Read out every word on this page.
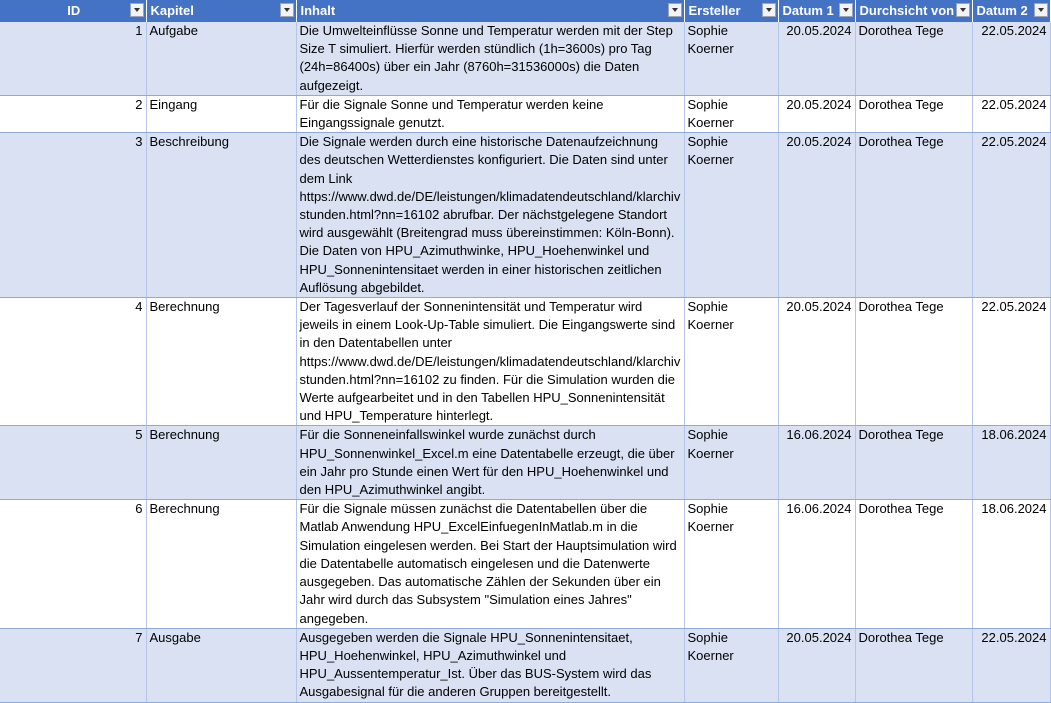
ID	Kapitel	Inhalt	Ersteller	Datum 1	Durchsicht von	Datum 2

1	Aufgabe	Die Umwelteinflüsse Sonne und Temperatur werden mit der Step Size T simuliert. Hierfür werden stündlich (1h=3600s) pro Tag (24h=86400s) über ein Jahr (8760h=31536000s) die Daten aufgezeigt.	Sophie Koerner	20.05.2024	Dorothea Tege	22.05.2024
2	Eingang	Für die Signale Sonne und Temperatur werden keine Eingangssignale genutzt.	Sophie Koerner	20.05.2024	Dorothea Tege	22.05.2024
3	Beschreibung	Die Signale werden durch eine historische Datenaufzeichnung des deutschen Wetterdienstes konfiguriert. Die Daten sind unter dem Link https://www.dwd.de/DE/leistungen/klimadatendeutschland/klarchivstunden.html?nn=16102 abrufbar. Der nächstgelegene Standort wird ausgewählt (Breitengrad muss übereinstimmen: Köln-Bonn). Die Daten von HPU_Azimuthwinke, HPU_Hoehenwinkel und HPU_Sonnenintensitaet werden in einer historischen zeitlichen Auflösung abgebildet.	Sophie Koerner	20.05.2024	Dorothea Tege	22.05.2024
4	Berechnung	Der Tagesverlauf der Sonnenintensität und Temperatur wird jeweils in einem Look-Up-Table simuliert. Die Eingangswerte sind in den Datentabellen unter https://www.dwd.de/DE/leistungen/klimadatendeutschland/klarchivstunden.html?nn=16102 zu finden. Für die Simulation wurden die Werte aufgearbeitet und in den Tabellen HPU_Sonnenintensität und HPU_Temperature hinterlegt.	Sophie Koerner	20.05.2024	Dorothea Tege	22.05.2024
5	Berechnung	Für die Sonneneinfallswinkel wurde zunächst durch HPU_Sonnenwinkel_Excel.m eine Datentabelle erzeugt, die über ein Jahr pro Stunde einen Wert für den HPU_Hoehenwinkel und den HPU_Azimuthwinkel angibt.	Sophie Koerner	16.06.2024	Dorothea Tege	18.06.2024
6	Berechnung	Für die Signale müssen zunächst die Datentabellen über die Matlab Anwendung HPU_ExcelEinfuegenInMatlab.m in die Simulation eingelesen werden. Bei Start der Hauptsimulation wird die Datentabelle automatisch eingelesen und die Datenwerte ausgegeben. Das automatische Zählen der Sekunden über ein Jahr wird durch das Subsystem "Simulation eines Jahres" angegeben.	Sophie Koerner	16.06.2024	Dorothea Tege	18.06.2024
7	Ausgabe	Ausgegeben werden die Signale HPU_Sonnenintensitaet, HPU_Hoehenwinkel, HPU_Azimuthwinkel und HPU_Aussentemperatur_Ist. Über das BUS-System wird das Ausgabesignal für die anderen Gruppen bereitgestellt.	Sophie Koerner	20.05.2024	Dorothea Tege	22.05.2024
